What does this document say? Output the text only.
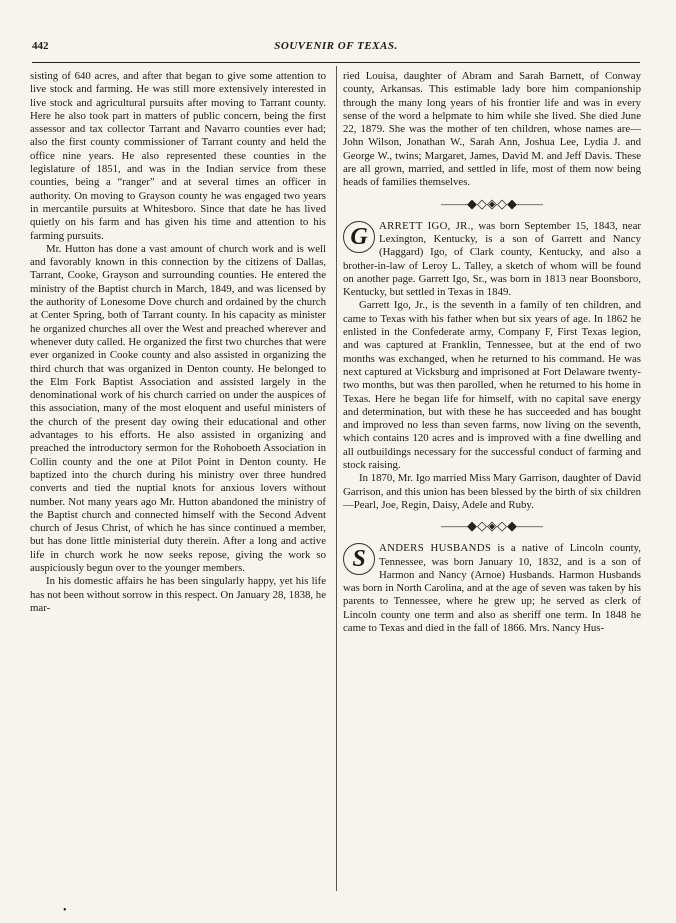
442	SOUVENIR OF TEXAS.

sisting of 640 acres, and after that began to give some attention to live stock and farming. He was still more extensively interested in live stock and agricultural pursuits after moving to Tarrant county. Here he also took part in matters of public concern, being the first assessor and tax collector Tarrant and Navarro counties ever had; also the first county commissioner of Tarrant county and held the office nine years. He also represented these counties in the legislature of 1851, and was in the Indian service from these counties, being a “ranger” and at several times an officer in authority. On moving to Grayson county he was engaged two years in mercantile pursuits at Whitesboro. Since that date he has lived quietly on his farm and has given his time and attention to his farming pursuits.

Mr. Hutton has done a vast amount of church work and is well and favorably known in this connection by the citizens of Dallas, Tarrant, Cooke, Grayson and surrounding counties. He entered the ministry of the Baptist church in March, 1849, and was licensed by the authority of Lonesome Dove church and ordained by the church at Center Spring, both of Tarrant county. In his capacity as minister he organized churches all over the West and preached wherever and whenever duty called. He organized the first two churches that were ever organized in Cooke county and also assisted in organizing the third church that was organized in Denton county. He belonged to the Elm Fork Baptist Association and assisted largely in the denominational work of his church carried on under the auspices of this association, many of the most eloquent and useful ministers of the church of the present day owing their educational and other advantages to his efforts. He also assisted in organizing and preached the introductory sermon for the Rohoboeth Association in Collin county and the one at Pilot Point in Denton county. He baptized into the church during his ministry over three hundred converts and tied the nuptial knots for anxious lovers without number. Not many years ago Mr. Hutton abandoned the ministry of the Baptist church and connected himself with the Second Advent church of Jesus Christ, of which he has since continued a member, but has done little ministerial duty therein. After a long and active life in church work he now seeks repose, giving the work so auspiciously begun over to the younger members.

In his domestic affairs he has been singularly happy, yet his life has not been without sorrow in this respect. On January 28, 1838, he mar-

ried Louisa, daughter of Abram and Sarah Barnett, of Conway county, Arkansas. This estimable lady bore him companionship through the many long years of his frontier life and was in every sense of the word a helpmate to him while she lived. She died June 22, 1879. She was the mother of ten children, whose names are—John Wilson, Jonathan W., Sarah Ann, Joshua Lee, Lydia J. and George W., twins; Margaret, James, David M. and Jeff Davis. These are all grown, married, and settled in life, most of them now being heads of families themselves.

——◆◇◈◇◆——

G	ARRETT IGO, JR., was born September 15, 1843, near Lexington, Kentucky, is a son of Garrett and Nancy (Haggard) Igo, of Clark county, Kentucky, and also a brother-in-law of Leroy L. Talley, a sketch of whom will be found on another page. Garrett Igo, Sr., was born in 1813 near Boonsboro, Kentucky, but settled in Texas in 1849.

Garrett Igo, Jr., is the seventh in a family of ten children, and came to Texas with his father when but six years of age. In 1862 he enlisted in the Confederate army, Company F, First Texas legion, and was captured at Franklin, Tennessee, but at the end of two months was exchanged, when he returned to his command. He was next captured at Vicksburg and imprisoned at Fort Delaware twenty-two months, but was then parolled, when he returned to his home in Texas. Here he began life for himself, with no capital save energy and determination, but with these he has succeeded and has bought and improved no less than seven farms, now living on the seventh, which contains 120 acres and is improved with a fine dwelling and all outbuildings necessary for the successful conduct of farming and stock raising.

In 1870, Mr. Igo married Miss Mary Garrison, daughter of David Garrison, and this union has been blessed by the birth of six children—Pearl, Joe, Regin, Daisy, Adele and Ruby.

——◆◇◈◇◆——

S	ANDERS HUSBANDS is a native of Lincoln county, Tennessee, was born January 10, 1832, and is a son of Harmon and Nancy (Arnoe) Husbands. Harmon Husbands was born in North Carolina, and at the age of seven was taken by his parents to Tennessee, where he grew up; he served as clerk of Lincoln county one term and also as sheriff one term. In 1848 he came to Texas and died in the fall of 1866. Mrs. Nancy Hus-

•
